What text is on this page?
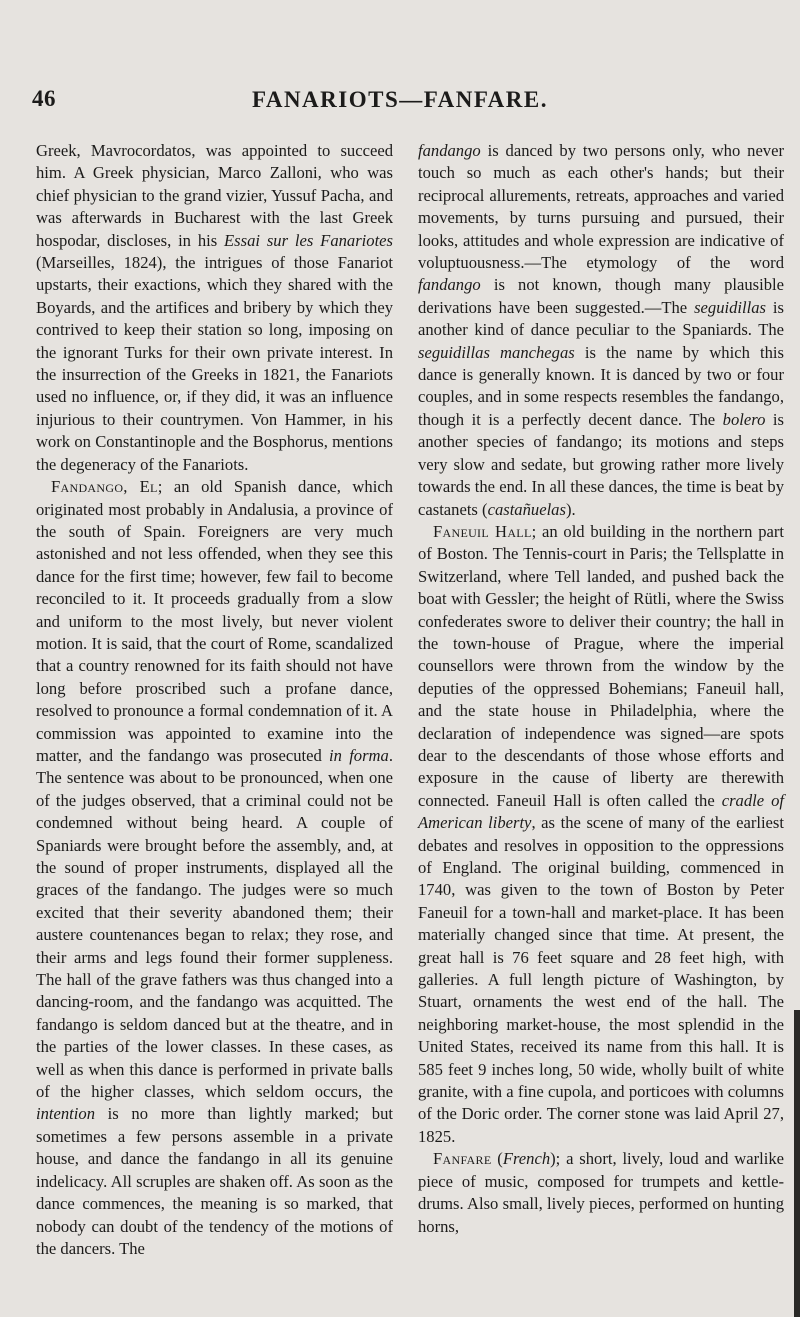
46	FANARIOTS—FANFARE.

Greek, Mavrocordatos, was appointed to succeed him. A Greek physician, Marco Zalloni, who was chief physician to the grand vizier, Yussuf Pacha, and was afterwards in Bucharest with the last Greek hospodar, discloses, in his Essai sur les Fanariotes (Marseilles, 1824), the intrigues of those Fanariot upstarts, their exactions, which they shared with the Boyards, and the artifices and bribery by which they contrived to keep their station so long, imposing on the ignorant Turks for their own private interest. In the insurrection of the Greeks in 1821, the Fanariots used no influence, or, if they did, it was an influence injurious to their countrymen. Von Hammer, in his work on Constantinople and the Bosphorus, mentions the degeneracy of the Fanariots.

Fandango, El; an old Spanish dance, which originated most probably in Andalusia, a province of the south of Spain. Foreigners are very much astonished and not less offended, when they see this dance for the first time; however, few fail to become reconciled to it. It proceeds gradually from a slow and uniform to the most lively, but never violent motion. It is said, that the court of Rome, scandalized that a country renowned for its faith should not have long before proscribed such a profane dance, resolved to pronounce a formal condemnation of it. A commission was appointed to examine into the matter, and the fandango was prosecuted in forma. The sentence was about to be pronounced, when one of the judges observed, that a criminal could not be condemned without being heard. A couple of Spaniards were brought before the assembly, and, at the sound of proper instruments, displayed all the graces of the fandango. The judges were so much excited that their severity abandoned them; their austere countenances began to relax; they rose, and their arms and legs found their former suppleness. The hall of the grave fathers was thus changed into a dancing-room, and the fandango was acquitted. The fandango is seldom danced but at the theatre, and in the parties of the lower classes. In these cases, as well as when this dance is performed in private balls of the higher classes, which seldom occurs, the intention is no more than lightly marked; but sometimes a few persons assemble in a private house, and dance the fandango in all its genuine indelicacy. All scruples are shaken off. As soon as the dance commences, the meaning is so marked, that nobody can doubt of the tendency of the motions of the dancers. The

fandango is danced by two persons only, who never touch so much as each other's hands; but their reciprocal allurements, retreats, approaches and varied movements, by turns pursuing and pursued, their looks, attitudes and whole expression are indicative of voluptuousness.—The etymology of the word fandango is not known, though many plausible derivations have been suggested.—The seguidillas is another kind of dance peculiar to the Spaniards. The seguidillas manchegas is the name by which this dance is generally known. It is danced by two or four couples, and in some respects resembles the fandango, though it is a perfectly decent dance. The bolero is another species of fandango; its motions and steps very slow and sedate, but growing rather more lively towards the end. In all these dances, the time is beat by castanets (castañuelas).

Faneuil Hall; an old building in the northern part of Boston. The Tennis-court in Paris; the Tellsplatte in Switzerland, where Tell landed, and pushed back the boat with Gessler; the height of Rütli, where the Swiss confederates swore to deliver their country; the hall in the town-house of Prague, where the imperial counsellors were thrown from the window by the deputies of the oppressed Bohemians; Faneuil hall, and the state house in Philadelphia, where the declaration of independence was signed—are spots dear to the descendants of those whose efforts and exposure in the cause of liberty are therewith connected. Faneuil Hall is often called the cradle of American liberty, as the scene of many of the earliest debates and resolves in opposition to the oppressions of England. The original building, commenced in 1740, was given to the town of Boston by Peter Faneuil for a town-hall and market-place. It has been materially changed since that time. At present, the great hall is 76 feet square and 28 feet high, with galleries. A full length picture of Washington, by Stuart, ornaments the west end of the hall. The neighboring market-house, the most splendid in the United States, received its name from this hall. It is 585 feet 9 inches long, 50 wide, wholly built of white granite, with a fine cupola, and porticoes with columns of the Doric order. The corner stone was laid April 27, 1825.

Fanfare (French); a short, lively, loud and warlike piece of music, composed for trumpets and kettle-drums. Also small, lively pieces, performed on hunting horns,
